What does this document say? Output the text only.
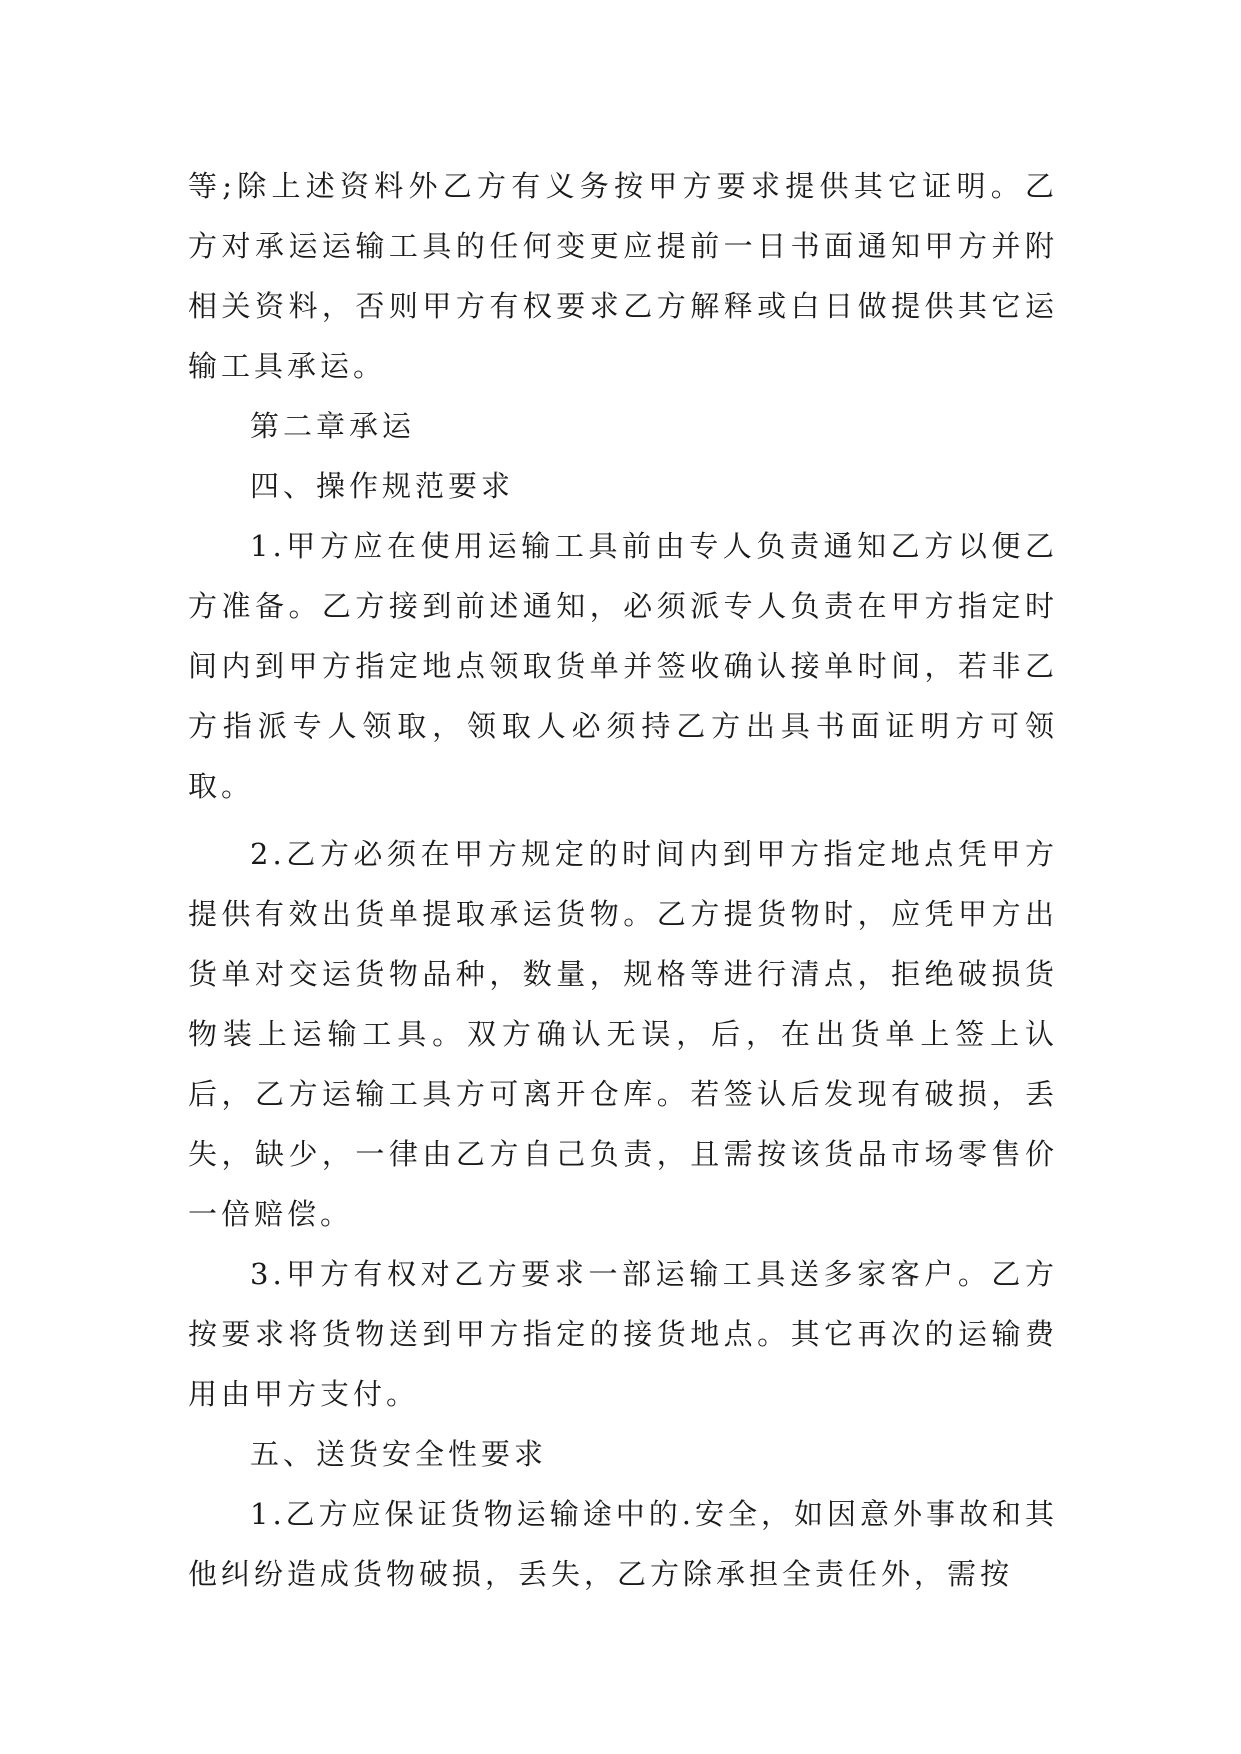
等;除上述资料外乙方有义务按甲方要求提供其它证明。乙方对承运运输工具的任何变更应提前一日书面通知甲方并附相关资料，否则甲方有权要求乙方解释或白日做提供其它运输工具承运。

第二章承运

四、操作规范要求

1.甲方应在使用运输工具前由专人负责通知乙方以便乙方准备。乙方接到前述通知，必须派专人负责在甲方指定时间内到甲方指定地点领取货单并签收确认接单时间，若非乙方指派专人领取，领取人必须持乙方出具书面证明方可领取。

2.乙方必须在甲方规定的时间内到甲方指定地点凭甲方提供有效出货单提取承运货物。乙方提货物时，应凭甲方出货单对交运货物品种，数量，规格等进行清点，拒绝破损货物装上运输工具。双方确认无误，后，在出货单上签上认后，乙方运输工具方可离开仓库。若签认后发现有破损，丢失，缺少，一律由乙方自己负责，且需按该货品市场零售价一倍赔偿。

3.甲方有权对乙方要求一部运输工具送多家客户。乙方按要求将货物送到甲方指定的接货地点。其它再次的运输费用由甲方支付。

五、送货安全性要求

1.乙方应保证货物运输途中的.安全，如因意外事故和其他纠纷造成货物破损，丢失，乙方除承担全责任外，需按
